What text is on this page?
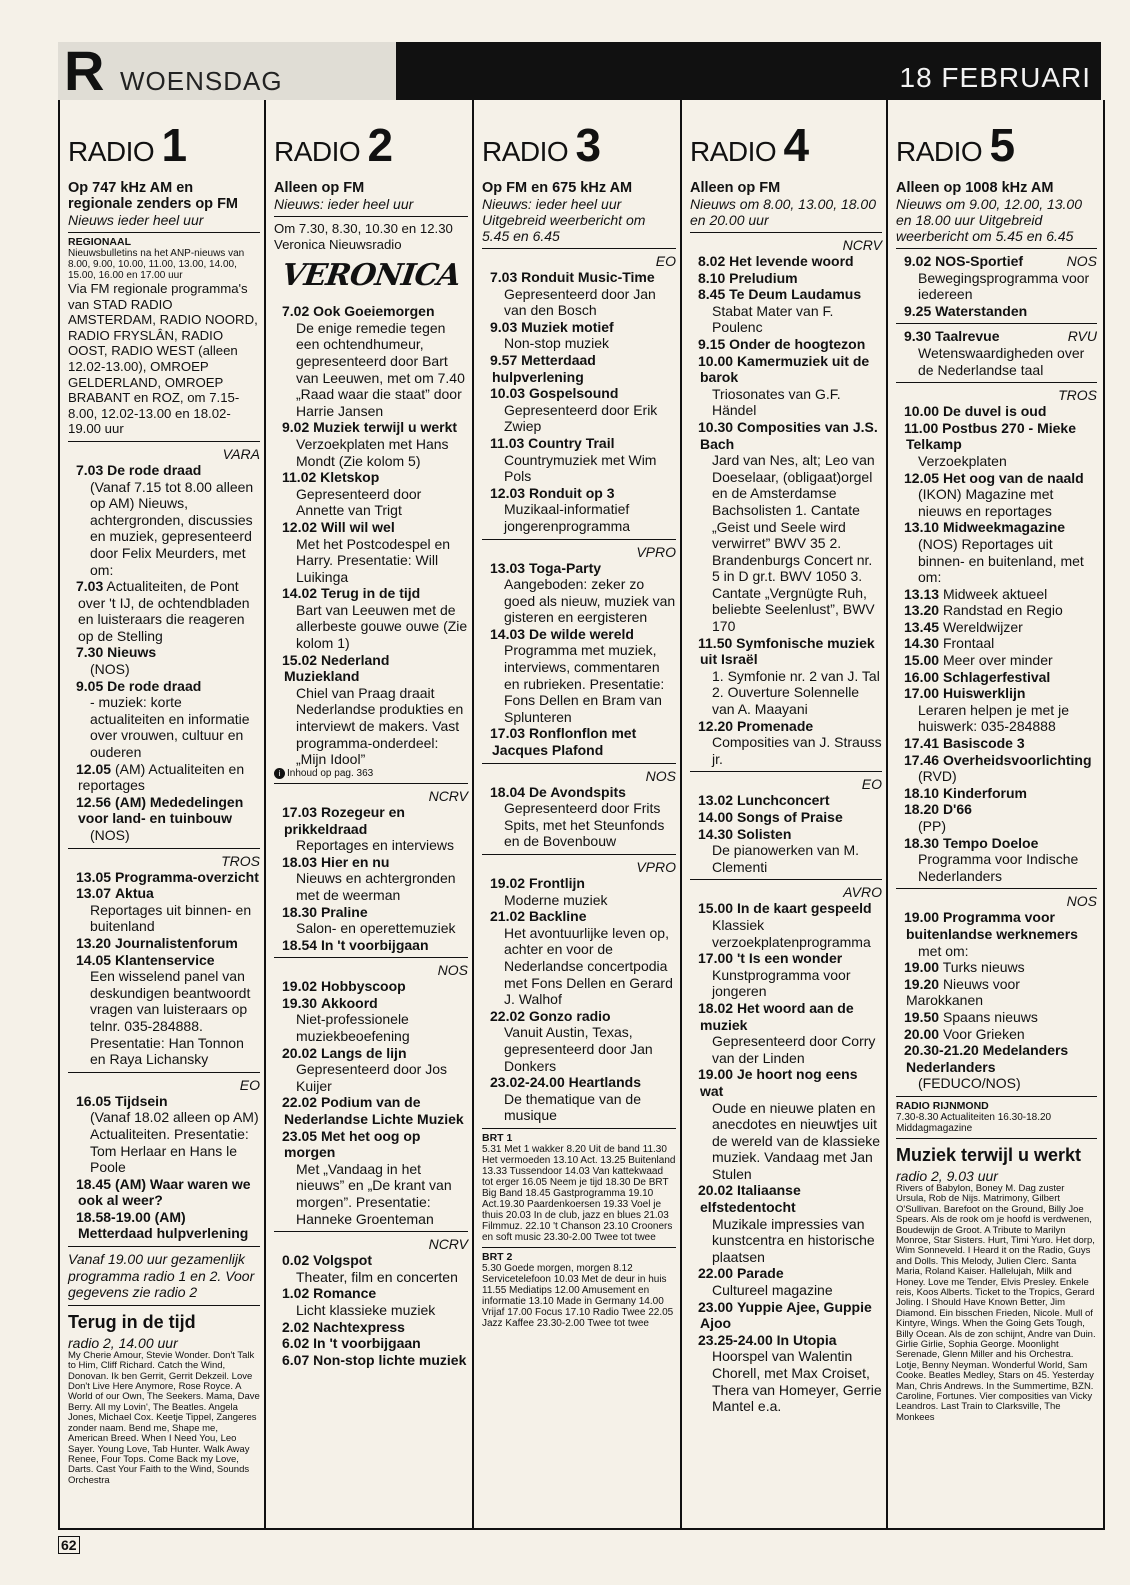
R WOENSDAG	18 FEBRUARI
RADIO 1
Op 747 kHz AM en regionale zenders op FM
Nieuws ieder heel uur
REGIONAAL
Nieuwsbulletins na het ANP-nieuws van 8.00, 9.00, 10.00, 11.00, 13.00, 14.00, 15.00, 16.00 en 17.00 uur
Via FM regionale programma's van STAD RADIO AMSTERDAM, RADIO NOORD, RADIO FRYSLÂN, RADIO OOST, RADIO WEST (alleen 12.02-13.00), OMROEP GELDERLAND, OMROEP BRABANT en ROZ, om 7.15-8.00, 12.02-13.00 en 18.02-19.00 uur

VARA

7.03 De rode draad
(Vanaf 7.15 tot 8.00 alleen op AM) Nieuws, achtergronden, discussies en muziek, gepresenteerd door Felix Meurders, met om:

7.03 Actualiteiten, de Pont over 't IJ, de ochtendbladen en luisteraars die reageren op de Stelling

7.30 Nieuws
(NOS)

9.05 De rode draad
- muziek: korte actualiteiten en informatie over vrouwen, cultuur en ouderen

12.05 (AM) Actualiteiten en reportages

12.56 (AM) Mededelingen voor land- en tuinbouw
(NOS)

TROS

13.05 Programma-overzicht

13.07 Aktua
Reportages uit binnen- en buitenland

13.20 Journalistenforum

14.05 Klantenservice
Een wisselend panel van deskundigen beantwoordt vragen van luisteraars op telnr. 035-284888. Presentatie: Han Tonnon en Raya Lichansky

EO

16.05 Tijdsein
(Vanaf 18.02 alleen op AM) Actualiteiten. Presentatie: Tom Herlaar en Hans le Poole

18.45 (AM) Waar waren we ook al weer?

18.58-19.00 (AM) Metterdaad hulpverlening

Vanaf 19.00 uur gezamenlijk programma radio 1 en 2. Voor gegevens zie radio 2

Terug in de tijd
radio 2, 14.00 uur
My Cherie Amour, Stevie Wonder. Don't Talk to Him, Cliff Richard. Catch the Wind, Donovan. Ik ben Gerrit, Gerrit Dekzeil. Love Don't Live Here Anymore, Rose Royce. A World of our Own, The Seekers. Mama, Dave Berry. All my Lovin', The Beatles. Angela Jones, Michael Cox. Keetje Tippel, Zangeres zonder naam. Bend me, Shape me, American Breed. When I Need You, Leo Sayer. Young Love, Tab Hunter. Walk Away Renee, Four Tops. Come Back my Love, Darts. Cast Your Faith to the Wind, Sounds Orchestra
RADIO 2
Alleen op FM
Nieuws: ieder heel uur
Om 7.30, 8.30, 10.30 en 12.30 Veronica Nieuwsradio
VERONICA

7.02 Ook Goeiemorgen
De enige remedie tegen een ochtendhumeur, gepresenteerd door Bart van Leeuwen, met om 7.40 „Raad waar die staat” door Harrie Jansen

9.02 Muziek terwijl u werkt
Verzoekplaten met Hans Mondt (Zie kolom 5)

11.02 Kletskop
Gepresenteerd door Annette van Trigt

12.02 Will wil wel
Met het Postcodespel en Harry. Presentatie: Will Luikinga

14.02 Terug in de tijd
Bart van Leeuwen met de allerbeste gouwe ouwe (Zie kolom 1)

15.02 Nederland Muziekland
Chiel van Praag draait Nederlandse produkties en interviewt de makers. Vast programma-onderdeel: „Mijn Idool”

i Inhoud op pag. 363

NCRV

17.03 Rozegeur en prikkeldraad
Reportages en interviews

18.03 Hier en nu
Nieuws en achtergronden met de weerman

18.30 Praline
Salon- en operettemuziek

18.54 In 't voorbijgaan

NOS

19.02 Hobbyscoop

19.30 Akkoord
Niet-professionele muziekbeoefening

20.02 Langs de lijn
Gepresenteerd door Jos Kuijer

22.02 Podium van de Nederlandse Lichte Muziek

23.05 Met het oog op morgen
Met „Vandaag in het nieuws” en „De krant van morgen”. Presentatie: Hanneke Groenteman

NCRV

0.02 Volgspot
Theater, film en concerten

1.02 Romance
Licht klassieke muziek

2.02 Nachtexpress

6.02 In 't voorbijgaan

6.07 Non-stop lichte muziek

RADIO 3
Op FM en 675 kHz AM
Nieuws: ieder heel uur Uitgebreid weerbericht om 5.45 en 6.45

EO

7.03 Ronduit Music-Time
Gepresenteerd door Jan van den Bosch

9.03 Muziek motief
Non-stop muziek

9.57 Metterdaad hulpverlening

10.03 Gospelsound
Gepresenteerd door Erik Zwiep

11.03 Country Trail
Countrymuziek met Wim Pols

12.03 Ronduit op 3
Muzikaal-informatief jongerenprogramma

VPRO

13.03 Toga-Party
Aangeboden: zeker zo goed als nieuw, muziek van gisteren en eergisteren

14.03 De wilde wereld
Programma met muziek, interviews, commentaren en rubrieken. Presentatie: Fons Dellen en Bram van Splunteren

17.03 Ronflonflon met Jacques Plafond

NOS

18.04 De Avondspits
Gepresenteerd door Frits Spits, met het Steunfonds en de Bovenbouw

VPRO

19.02 Frontlijn
Moderne muziek

21.02 Backline
Het avontuurlijke leven op, achter en voor de Nederlandse concertpodia met Fons Dellen en Gerard J. Walhof

22.02 Gonzo radio
Vanuit Austin, Texas, gepresenteerd door Jan Donkers

23.02-24.00 Heartlands
De thematique van de musique

BRT 1
5.31 Met 1 wakker 8.20 Uit de band 11.30 Het vermoeden 13.10 Act. 13.25 Buitenland 13.33 Tussendoor 14.03 Van kattekwaad tot erger 16.05 Neem je tijd 18.30 De BRT Big Band 18.45 Gastprogramma 19.10 Act.19.30 Paardenkoersen 19.33 Voel je thuis 20.03 In de club, jazz en blues 21.03 Filmmuz. 22.10 't Chanson 23.10 Crooners en soft music 23.30-2.00 Twee tot twee
BRT 2
5.30 Goede morgen, morgen 8.12 Servicetelefoon 10.03 Met de deur in huis 11.55 Mediatips 12.00 Amusement en informatie 13.10 Made in Germany 14.00 Vrijaf 17.00 Focus 17.10 Radio Twee 22.05 Jazz Kaffee 23.30-2.00 Twee tot twee
RADIO 4
Alleen op FM
Nieuws om 8.00, 13.00, 18.00 en 20.00 uur

NCRV

8.02 Het levende woord

8.10 Preludium

8.45 Te Deum Laudamus
Stabat Mater van F. Poulenc

9.15 Onder de hoogtezon

10.00 Kamermuziek uit de barok
Triosonates van G.F. Händel

10.30 Composities van J.S. Bach
Jard van Nes, alt; Leo van Doeselaar, (obligaat)orgel en de Amsterdamse Bachsolisten 1. Cantate „Geist und Seele wird verwirret” BWV 35 2. Brandenburgs Concert nr. 5 in D gr.t. BWV 1050 3. Cantate „Vergnügte Ruh, beliebte Seelenlust”, BWV 170

11.50 Symfonische muziek uit Israël
1. Symfonie nr. 2 van J. Tal 2. Ouverture Solennelle van A. Maayani

12.20 Promenade
Composities van J. Strauss jr.

EO

13.02 Lunchconcert

14.00 Songs of Praise

14.30 Solisten
De pianowerken van M. Clementi

AVRO

15.00 In de kaart gespeeld
Klassiek verzoekplatenprogramma

17.00 't Is een wonder
Kunstprogramma voor jongeren

18.02 Het woord aan de muziek
Gepresenteerd door Corry van der Linden

19.00 Je hoort nog eens wat
Oude en nieuwe platen en anecdotes en nieuwtjes uit de wereld van de klassieke muziek. Vandaag met Jan Stulen

20.02 Italiaanse elfstedentocht
Muzikale impressies van kunstcentra en historische plaatsen

22.00 Parade
Cultureel magazine

23.00 Yuppie Ajee, Guppie Ajoo

23.25-24.00 In Utopia
Hoorspel van Walentin Chorell, met Max Croiset, Thera van Homeyer, Gerrie Mantel e.a.

RADIO 5
Alleen op 1008 kHz AM
Nieuws om 9.00, 12.00, 13.00 en 18.00 uur Uitgebreid weerbericht om 5.45 en 6.45

9.02 NOS-Sportief	NOS
Bewegingsprogramma voor iedereen

9.25 Waterstanden

9.30 Taalrevue	RVU
Wetenswaardigheden over de Nederlandse taal

TROS

10.00 De duvel is oud

11.00 Postbus 270 - Mieke Telkamp
Verzoekplaten

12.05 Het oog van de naald
(IKON) Magazine met nieuws en reportages

13.10 Midweekmagazine
(NOS) Reportages uit binnen- en buitenland, met om:

13.13 Midweek aktueel

13.20 Randstad en Regio

13.45 Wereldwijzer

14.30 Frontaal

15.00 Meer over minder

16.00 Schlagerfestival

17.00 Huiswerklijn
Leraren helpen je met je huiswerk: 035-284888

17.41 Basiscode 3

17.46 Overheidsvoorlichting
(RVD)

18.10 Kinderforum

18.20 D'66
(PP)

18.30 Tempo Doeloe
Programma voor Indische Nederlanders

NOS

19.00 Programma voor buitenlandse werknemers
met om:

19.00 Turks nieuws

19.20 Nieuws voor Marokkanen

19.50 Spaans nieuws

20.00 Voor Grieken

20.30-21.20 Medelanders Nederlanders
(FEDUCO/NOS)

RADIO RIJNMOND
7.30-8.30 Actualiteiten 16.30-18.20 Middagmagazine
Muziek terwijl u werkt
radio 2, 9.03 uur
Rivers of Babylon, Boney M. Dag zuster Ursula, Rob de Nijs. Matrimony, Gilbert O'Sullivan. Barefoot on the Ground, Billy Joe Spears. Als de rook om je hoofd is verdwenen, Boudewijn de Groot. A Tribute to Marilyn Monroe, Star Sisters. Hurt, Timi Yuro. Het dorp, Wim Sonneveld. I Heard it on the Radio, Guys and Dolls. This Melody, Julien Clerc. Santa Maria, Roland Kaiser. Hallelujah, Milk and Honey. Love me Tender, Elvis Presley. Enkele reis, Koos Alberts. Ticket to the Tropics, Gerard Joling. I Should Have Known Better, Jim Diamond. Ein bisschen Frieden, Nicole. Mull of Kintyre, Wings. When the Going Gets Tough, Billy Ocean. Als de zon schijnt, Andre van Duin. Girlie Girlie, Sophia George. Moonlight Serenade, Glenn Miller and his Orchestra. Lotje, Benny Neyman. Wonderful World, Sam Cooke. Beatles Medley, Stars on 45. Yesterday Man, Chris Andrews. In the Summertime, BZN. Caroline, Fortunes. Vier composities van Vicky Leandros. Last Train to Clarksville, The Monkees
62
